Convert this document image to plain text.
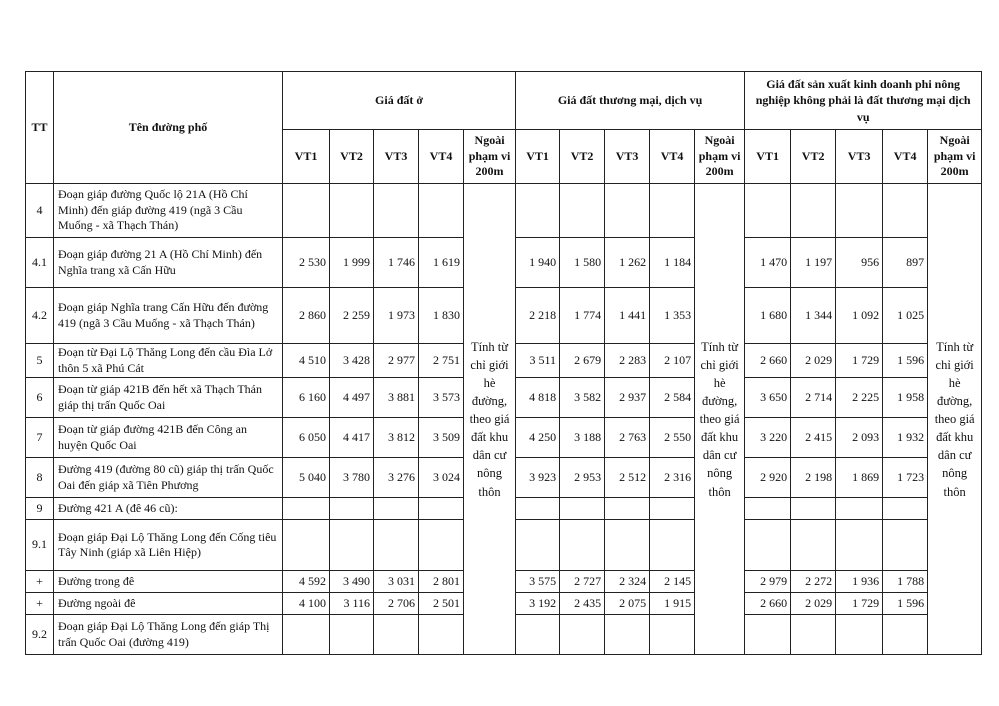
TT	Tên đường phố	Giá đất ở					Giá đất thương mại, dịch vụ					Giá đất sản xuất kinh doanh phi nông nghiệp không phải là đất thương mại dịch vụ				
		VT1	VT2	VT3	VT4	Ngoài phạm vi 200m	VT1	VT2	VT3	VT4	Ngoài phạm vi 200m	VT1	VT2	VT3	VT4	Ngoài phạm vi 200m
4	Đoạn giáp đường Quốc lộ 21A (Hồ Chí Minh) đến giáp đường 419 (ngã 3 Cầu Muống - xã Thạch Thán)					Tính từ chỉ giới hè đường, theo giá đất khu dân cư nông thôn					Tính từ chỉ giới hè đường, theo giá đất khu dân cư nông thôn					Tính từ chỉ giới hè đường, theo giá đất khu dân cư nông thôn
4.1	Đoạn giáp đường 21 A (Hồ Chí Minh) đến Nghĩa trang xã Cấn Hữu	2 530	1 999	1 746	1 619		1 940	1 580	1 262	1 184		1 470	1 197	956	897	
4.2	Đoạn giáp Nghĩa trang Cấn Hữu đến đường 419 (ngã 3 Cầu Muống - xã Thạch Thán)	2 860	2 259	1 973	1 830		2 218	1 774	1 441	1 353		1 680	1 344	1 092	1 025	
5	Đoạn từ Đại Lộ Thăng Long đến cầu Đìa Lở thôn 5 xã Phú Cát	4 510	3 428	2 977	2 751		3 511	2 679	2 283	2 107		2 660	2 029	1 729	1 596	
6	Đoạn từ giáp 421B đến hết xã Thạch Thán giáp thị trấn Quốc Oai	6 160	4 497	3 881	3 573		4 818	3 582	2 937	2 584		3 650	2 714	2 225	1 958	
7	Đoạn từ giáp đường 421B đến Công an huyện Quốc Oai	6 050	4 417	3 812	3 509		4 250	3 188	2 763	2 550		3 220	2 415	2 093	1 932	
8	Đường 419 (đường 80 cũ) giáp thị trấn Quốc Oai đến giáp xã Tiên Phương	5 040	3 780	3 276	3 024		3 923	2 953	2 512	2 316		2 920	2 198	1 869	1 723	
9	Đường 421 A (đê 46 cũ):															
9.1	Đoạn giáp Đại Lộ Thăng Long đến Cống tiêu Tây Ninh (giáp xã Liên Hiệp)															
+	Đường trong đê	4 592	3 490	3 031	2 801		3 575	2 727	2 324	2 145		2 979	2 272	1 936	1 788	
+	Đường ngoài đê	4 100	3 116	2 706	2 501		3 192	2 435	2 075	1 915		2 660	2 029	1 729	1 596	
9.2	Đoạn giáp Đại Lộ Thăng Long đến giáp Thị trấn Quốc Oai (đường 419)															
